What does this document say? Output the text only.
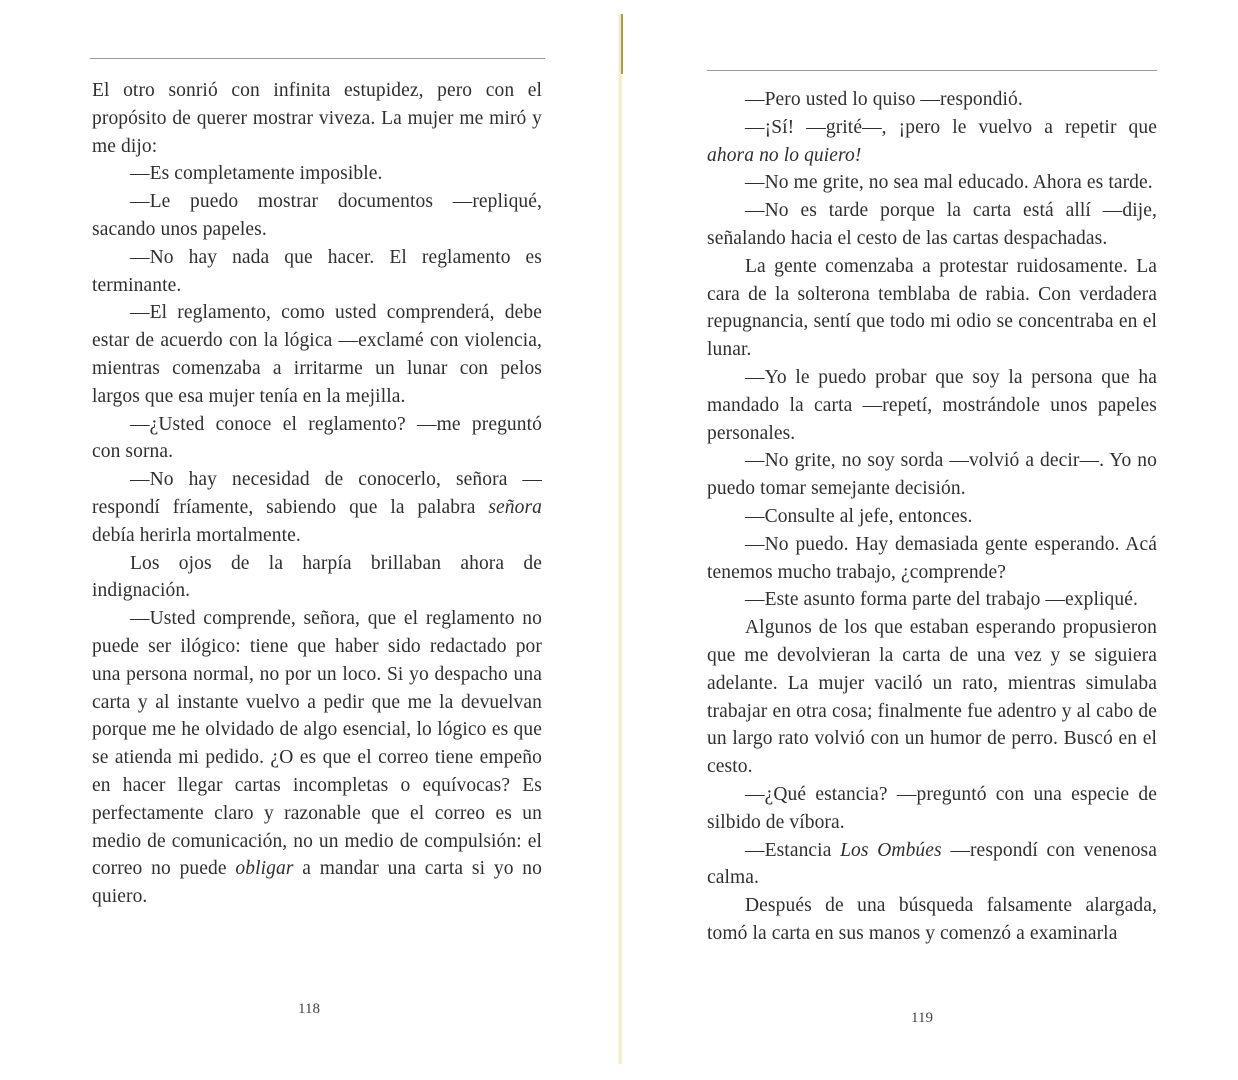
El otro sonrió con infinita estupidez, pero con el propósito de querer mostrar viveza. La mujer me miró y me dijo:

—Es completamente imposible.

—Le puedo mostrar documentos —repliqué, sacando unos papeles.

—No hay nada que hacer. El reglamento es terminante.

—El reglamento, como usted comprenderá, debe estar de acuerdo con la lógica —exclamé con violencia, mientras comenzaba a irritarme un lunar con pelos largos que esa mujer tenía en la mejilla.

—¿Usted conoce el reglamento? —me preguntó con sorna.

—No hay necesidad de conocerlo, señora —respondí fríamente, sabiendo que la palabra señora debía herirla mortalmente.

Los ojos de la harpía brillaban ahora de indignación.

—Usted comprende, señora, que el reglamento no puede ser ilógico: tiene que haber sido redactado por una persona normal, no por un loco. Si yo despacho una carta y al instante vuelvo a pedir que me la devuelvan porque me he olvidado de algo esencial, lo lógico es que se atienda mi pedido. ¿O es que el correo tiene empeño en hacer llegar cartas incompletas o equívocas? Es perfectamente claro y razonable que el correo es un medio de comunicación, no un medio de compulsión: el correo no puede obligar a mandar una carta si yo no quiero.

118

—Pero usted lo quiso —respondió.

—¡Sí! —grité—, ¡pero le vuelvo a repetir que ahora no lo quiero!

—No me grite, no sea mal educado. Ahora es tarde.

—No es tarde porque la carta está allí —dije, señalando hacia el cesto de las cartas despachadas.

La gente comenzaba a protestar ruidosamente. La cara de la solterona temblaba de rabia. Con verdadera repugnancia, sentí que todo mi odio se concentraba en el lunar.

—Yo le puedo probar que soy la persona que ha mandado la carta —repetí, mostrándole unos papeles personales.

—No grite, no soy sorda —volvió a decir—. Yo no puedo tomar semejante decisión.

—Consulte al jefe, entonces.

—No puedo. Hay demasiada gente esperando. Acá tenemos mucho trabajo, ¿comprende?

—Este asunto forma parte del trabajo —expliqué.

Algunos de los que estaban esperando propusieron que me devolvieran la carta de una vez y se siguiera adelante. La mujer vaciló un rato, mientras simulaba trabajar en otra cosa; finalmente fue adentro y al cabo de un largo rato volvió con un humor de perro. Buscó en el cesto.

—¿Qué estancia? —preguntó con una especie de silbido de víbora.

—Estancia Los Ombúes —respondí con venenosa calma.

Después de una búsqueda falsamente alargada, tomó la carta en sus manos y comenzó a examinarla

119
